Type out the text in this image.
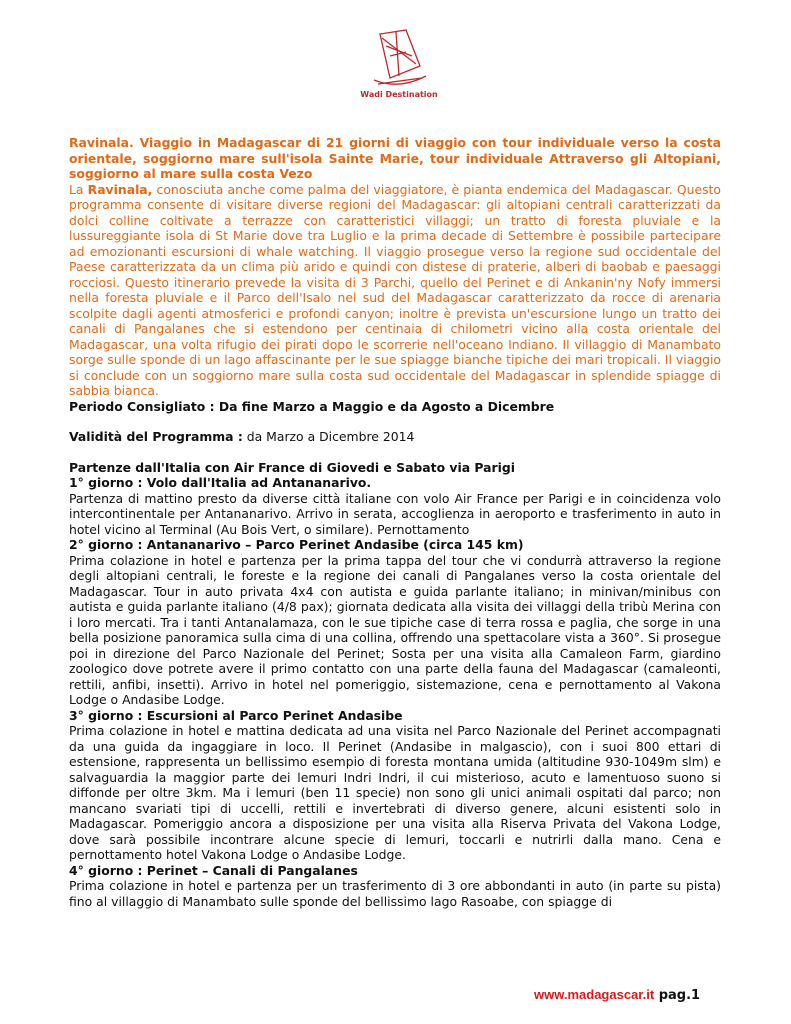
Wadi Destination

Ravinala. Viaggio in Madagascar di 21 giorni di viaggio con tour individuale verso la costa orientale, soggiorno mare sull'isola Sainte Marie, tour individuale Attraverso gli Altopiani, soggiorno al mare sulla costa Vezo

La Ravinala, conosciuta anche come palma del viaggiatore, è pianta endemica del Madagascar. Questo programma consente di visitare diverse regioni del Madagascar: gli altopiani centrali caratterizzati da dolci colline coltivate a terrazze con caratteristici villaggi; un tratto di foresta pluviale e la lussureggiante isola di St Marie dove tra Luglio e la prima decade di Settembre è possibile partecipare ad emozionanti escursioni di whale watching. Il viaggio prosegue verso la regione sud occidentale del Paese caratterizzata da un clima più arido e quindi con distese di praterie, alberi di baobab e paesaggi rocciosi. Questo itinerario prevede la visita di 3 Parchi, quello del Perinet e di Ankanin'ny Nofy immersi nella foresta pluviale e il Parco dell'Isalo nel sud del Madagascar caratterizzato da rocce di arenaria scolpite dagli agenti atmosferici e profondi canyon; inoltre è prevista un'escursione lungo un tratto dei canali di Pangalanes che si estendono per centinaia di chilometri vicino alla costa orientale del Madagascar, una volta rifugio dei pirati dopo le scorrerie nell'oceano Indiano. Il villaggio di Manambato sorge sulle sponde di un lago affascinante per le sue spiagge bianche tipiche dei mari tropicali. Il viaggio si conclude con un soggiorno mare sulla costa sud occidentale del Madagascar in splendide spiagge di sabbia bianca.

Periodo Consigliato : Da fine Marzo a Maggio e da Agosto a Dicembre

Validità del Programma : da Marzo a Dicembre 2014

Partenze dall'Italia con Air France di Giovedi e Sabato via Parigi

1° giorno : Volo dall'Italia ad Antananarivo.

Partenza di mattino presto da diverse città italiane con volo Air France per Parigi e in coincidenza volo intercontinentale per Antananarivo. Arrivo in serata, accoglienza in aeroporto e trasferimento in auto in hotel vicino al Terminal (Au Bois Vert, o similare). Pernottamento

2° giorno : Antananarivo – Parco Perinet Andasibe (circa 145 km)

Prima colazione in hotel e partenza per la prima tappa del tour che vi condurrà attraverso la regione degli altopiani centrali, le foreste e la regione dei canali di Pangalanes verso la costa orientale del Madagascar. Tour in auto privata 4x4 con autista e guida parlante italiano; in minivan/minibus con autista e guida parlante italiano (4/8 pax); giornata dedicata alla visita dei villaggi della tribù Merina con i loro mercati. Tra i tanti Antanalamaza, con le sue tipiche case di terra rossa e paglia, che sorge in una bella posizione panoramica sulla cima di una collina, offrendo una spettacolare vista a 360°. Si prosegue poi in direzione del Parco Nazionale del Perinet; Sosta per una visita alla Camaleon Farm, giardino zoologico dove potrete avere il primo contatto con una parte della fauna del Madagascar (camaleonti, rettili, anfibi, insetti). Arrivo in hotel nel pomeriggio, sistemazione, cena e pernottamento al Vakona Lodge o Andasibe Lodge.

3° giorno : Escursioni al Parco Perinet Andasibe

Prima colazione in hotel e mattina dedicata ad una visita nel Parco Nazionale del Perinet accompagnati da una guida da ingaggiare in loco. Il Perinet (Andasibe in malgascio), con i suoi 800 ettari di estensione, rappresenta un bellissimo esempio di foresta montana umida (altitudine 930-1049m slm) e salvaguardia la maggior parte dei lemuri Indri Indri, il cui misterioso, acuto e lamentuoso suono si diffonde per oltre 3km. Ma i lemuri (ben 11 specie) non sono gli unici animali ospitati dal parco; non mancano svariati tipi di uccelli, rettili e invertebrati di diverso genere, alcuni esistenti solo in Madagascar. Pomeriggio ancora a disposizione per una visita alla Riserva Privata del Vakona Lodge, dove sarà possibile incontrare alcune specie di lemuri, toccarli e nutrirli dalla mano. Cena e pernottamento hotel Vakona Lodge o Andasibe Lodge.

4° giorno : Perinet – Canali di Pangalanes

Prima colazione in hotel e partenza per un trasferimento di 3 ore abbondanti in auto (in parte su pista) fino al villaggio di Manambato sulle sponde del bellissimo lago Rasoabe, con spiagge di

www.madagascar.it pag.1
